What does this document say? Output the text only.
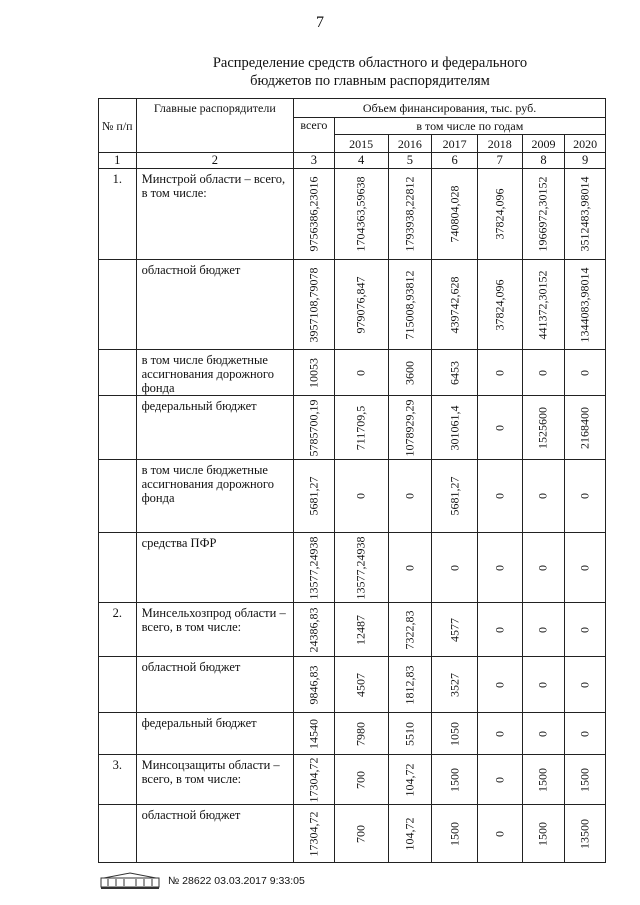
7
Распределение средств областного и федерального
бюджетов по главным распорядителям
№ п/п	Главные распорядители	Объем финансирования, тыс. руб.						
		всего	в том числе по годам					
			2015	2016	2017	2018	2009	2020
1	2	3	4	5	6	7	8	9
1.	Минстрой области – всего, в том числе:	9756386,23016	1704363,59638	1793938,22812	740804,028	37824,096	1966972,30152	3512483,98014

	областной бюджет	3957108,79078	979076,847	715008,93812	439742,628	37824,096	441372,30152	1344083,98014

	в том числе бюджетные ассигнования дорожного фонда	10053	0	3600	6453	0	0	0

	федеральный бюджет	5785700,19	711709,5	1078929,29	301061,4	0	1525600	2168400

	в том числе бюджетные ассигнования дорожного фонда	5681,27	0	0	5681,27	0	0	0

	средства ПФР	13577,24938	13577,24938	0	0	0	0	0

2.	Минсельхозпрод области – всего, в том числе:	24386,83	12487	7322,83	4577	0	0	0

	областной бюджет	9846,83	4507	1812,83	3527	0	0	0

	федеральный бюджет	14540	7980	5510	1050	0	0	0

3.	Минсоцзащиты области – всего, в том числе:	17304,72	700	104,72	1500	0	1500	1500

	областной бюджет	17304,72	700	104,72	1500	0	1500	13500
№ 28622 03.03.2017 9:33:05
